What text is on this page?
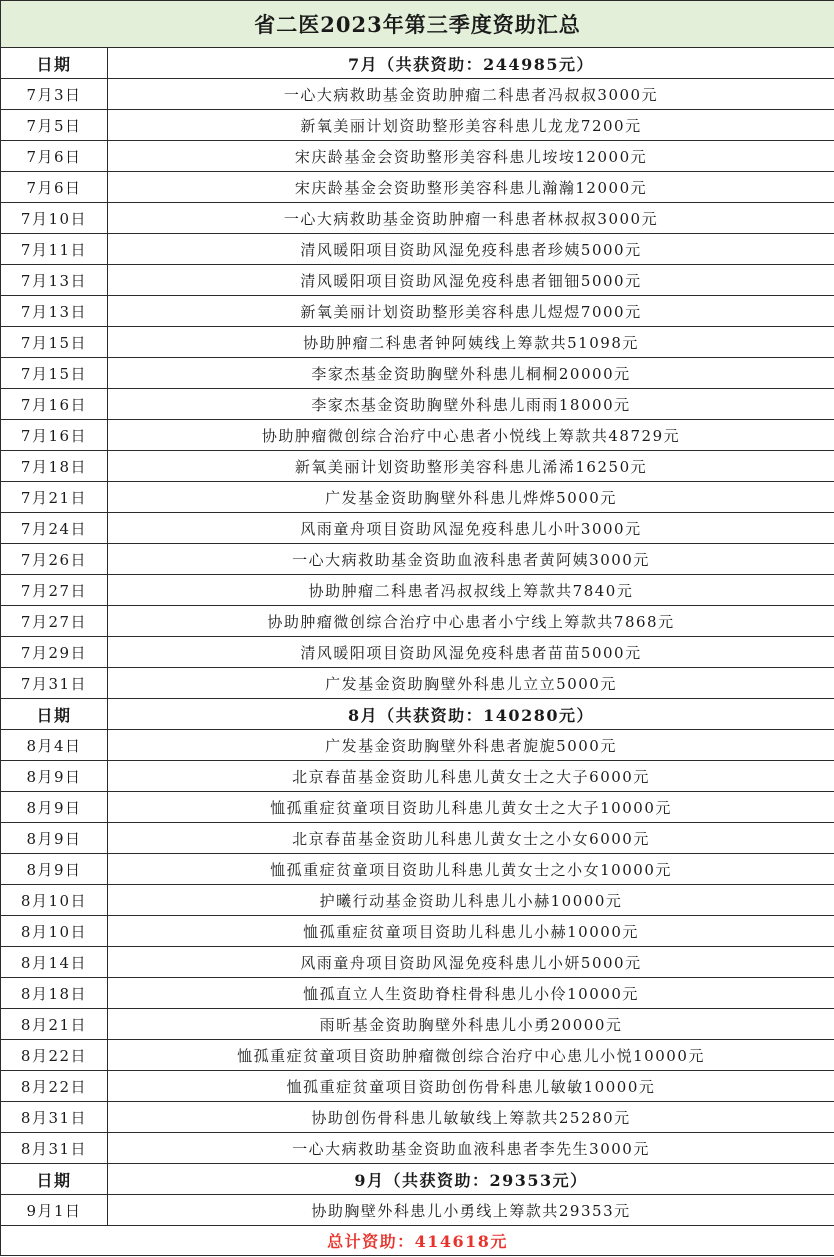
省二医2023年第三季度资助汇总	
日期	7月（共获资助：244985元）
7月3日	一心大病救助基金资助肿瘤二科患者冯叔叔3000元
7月5日	新氧美丽计划资助整形美容科患儿龙龙7200元
7月6日	宋庆龄基金会资助整形美容科患儿垵垵12000元
7月6日	宋庆龄基金会资助整形美容科患儿瀚瀚12000元
7月10日	一心大病救助基金资助肿瘤一科患者林叔叔3000元
7月11日	清风暖阳项目资助风湿免疫科患者珍姨5000元
7月13日	清风暖阳项目资助风湿免疫科患者钿钿5000元
7月13日	新氧美丽计划资助整形美容科患儿煜煜7000元
7月15日	协助肿瘤二科患者钟阿姨线上筹款共51098元
7月15日	李家杰基金资助胸壁外科患儿桐桐20000元
7月16日	李家杰基金资助胸壁外科患儿雨雨18000元
7月16日	协助肿瘤微创综合治疗中心患者小悦线上筹款共48729元
7月18日	新氧美丽计划资助整形美容科患儿浠浠16250元
7月21日	广发基金资助胸壁外科患儿烨烨5000元
7月24日	风雨童舟项目资助风湿免疫科患儿小叶3000元
7月26日	一心大病救助基金资助血液科患者黄阿姨3000元
7月27日	协助肿瘤二科患者冯叔叔线上筹款共7840元
7月27日	协助肿瘤微创综合治疗中心患者小宁线上筹款共7868元
7月29日	清风暖阳项目资助风湿免疫科患者苗苗5000元
7月31日	广发基金资助胸壁外科患儿立立5000元
日期	8月（共获资助：140280元）
8月4日	广发基金资助胸壁外科患者旎旎5000元
8月9日	北京春苗基金资助儿科患儿黄女士之大子6000元
8月9日	恤孤重症贫童项目资助儿科患儿黄女士之大子10000元
8月9日	北京春苗基金资助儿科患儿黄女士之小女6000元
8月9日	恤孤重症贫童项目资助儿科患儿黄女士之小女10000元
8月10日	护曦行动基金资助儿科患儿小赫10000元
8月10日	恤孤重症贫童项目资助儿科患儿小赫10000元
8月14日	风雨童舟项目资助风湿免疫科患儿小妍5000元
8月18日	恤孤直立人生资助脊柱骨科患儿小伶10000元
8月21日	雨昕基金资助胸壁外科患儿小勇20000元
8月22日	恤孤重症贫童项目资助肿瘤微创综合治疗中心患儿小悦10000元
8月22日	恤孤重症贫童项目资助创伤骨科患儿敏敏10000元
8月31日	协助创伤骨科患儿敏敏线上筹款共25280元
8月31日	一心大病救助基金资助血液科患者李先生3000元
日期	9月（共获资助：29353元）
9月1日	协助胸壁外科患儿小勇线上筹款共29353元
总计资助：414618元	
